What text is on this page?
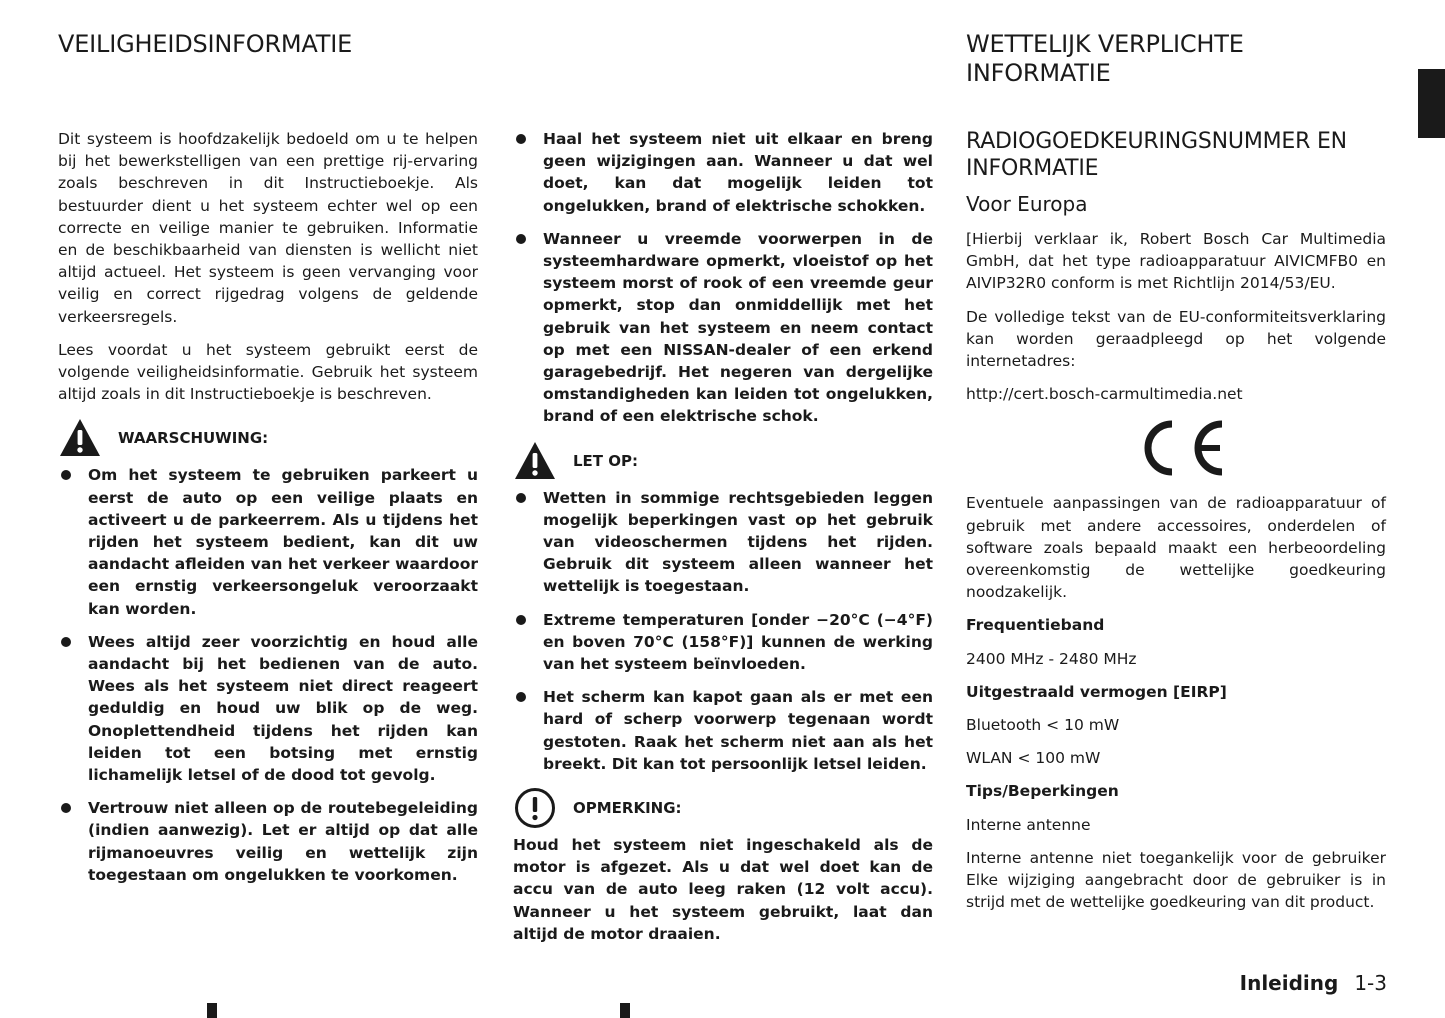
VEILIGHEIDSINFORMATIE

Dit systeem is hoofdzakelijk bedoeld om u te helpen bij het bewerkstelligen van een prettige rij-ervaring zoals beschreven in dit Instructieboekje. Als bestuurder dient u het systeem echter wel op een correcte en veilige manier te gebruiken. Informatie en de beschikbaarheid van diensten is wellicht niet altijd actueel. Het systeem is geen vervanging voor veilig en correct rijgedrag volgens de geldende verkeersregels.

Lees voordat u het systeem gebruikt eerst de volgende veiligheidsinformatie. Gebruik het systeem altijd zoals in dit Instructieboekje is beschreven.

WAARSCHUWING:
Om het systeem te gebruiken parkeert u eerst de auto op een veilige plaats en activeert u de parkeerrem. Als u tijdens het rijden het systeem bedient, kan dit uw aandacht afleiden van het verkeer waardoor een ernstig verkeersongeluk veroorzaakt kan worden.
Wees altijd zeer voorzichtig en houd alle aandacht bij het bedienen van de auto. Wees als het systeem niet direct reageert geduldig en houd uw blik op de weg. Onoplettendheid tijdens het rijden kan leiden tot een botsing met ernstig lichamelijk letsel of de dood tot gevolg.
Vertrouw niet alleen op de routebegeleiding (indien aanwezig). Let er altijd op dat alle rijmanoeuvres veilig en wettelijk zijn toegestaan om ongelukken te voorkomen.
Haal het systeem niet uit elkaar en breng geen wijzigingen aan. Wanneer u dat wel doet, kan dat mogelijk leiden tot ongelukken, brand of elektrische schokken.
Wanneer u vreemde voorwerpen in de systeemhardware opmerkt, vloeistof op het systeem morst of rook of een vreemde geur opmerkt, stop dan onmiddellijk met het gebruik van het systeem en neem contact op met een NISSAN-dealer of een erkend garagebedrijf. Het negeren van dergelijke omstandigheden kan leiden tot ongelukken, brand of een elektrische schok.
LET OP:
Wetten in sommige rechtsgebieden leggen mogelijk beperkingen vast op het gebruik van videoschermen tijdens het rijden. Gebruik dit systeem alleen wanneer het wettelijk is toegestaan.
Extreme temperaturen [onder −20°C (−4°F) en boven 70°C (158°F)] kunnen de werking van het systeem beïnvloeden.
Het scherm kan kapot gaan als er met een hard of scherp voorwerp tegenaan wordt gestoten. Raak het scherm niet aan als het breekt. Dit kan tot persoonlijk letsel leiden.
OPMERKING:

Houd het systeem niet ingeschakeld als de motor is afgezet. Als u dat wel doet kan de accu van de auto leeg raken (12 volt accu). Wanneer u het systeem gebruikt, laat dan altijd de motor draaien.

WETTELIJK VERPLICHTE INFORMATIE
RADIOGOEDKEURINGSNUMMER EN INFORMATIE
Voor Europa

[Hierbij verklaar ik, Robert Bosch Car Multimedia GmbH, dat het type radioapparatuur AIVICMFB0 en AIVIP32R0 conform is met Richtlijn 2014/53/EU.

De volledige tekst van de EU-conformiteitsverklaring kan worden geraadpleegd op het volgende internetadres:

http://cert.bosch-carmultimedia.net

Eventuele aanpassingen van de radioapparatuur of gebruik met andere accessoires, onderdelen of software zoals bepaald maakt een herbeoordeling overeenkomstig de wettelijke goedkeuring noodzakelijk.

Frequentieband

2400 MHz - 2480 MHz

Uitgestraald vermogen [EIRP]

Bluetooth < 10 mW

WLAN < 100 mW

Tips/Beperkingen

Interne antenne

Interne antenne niet toegankelijk voor de gebruiker Elke wijziging aangebracht door de gebruiker is in strijd met de wettelijke goedkeuring van dit product.

Inleiding 1-3
